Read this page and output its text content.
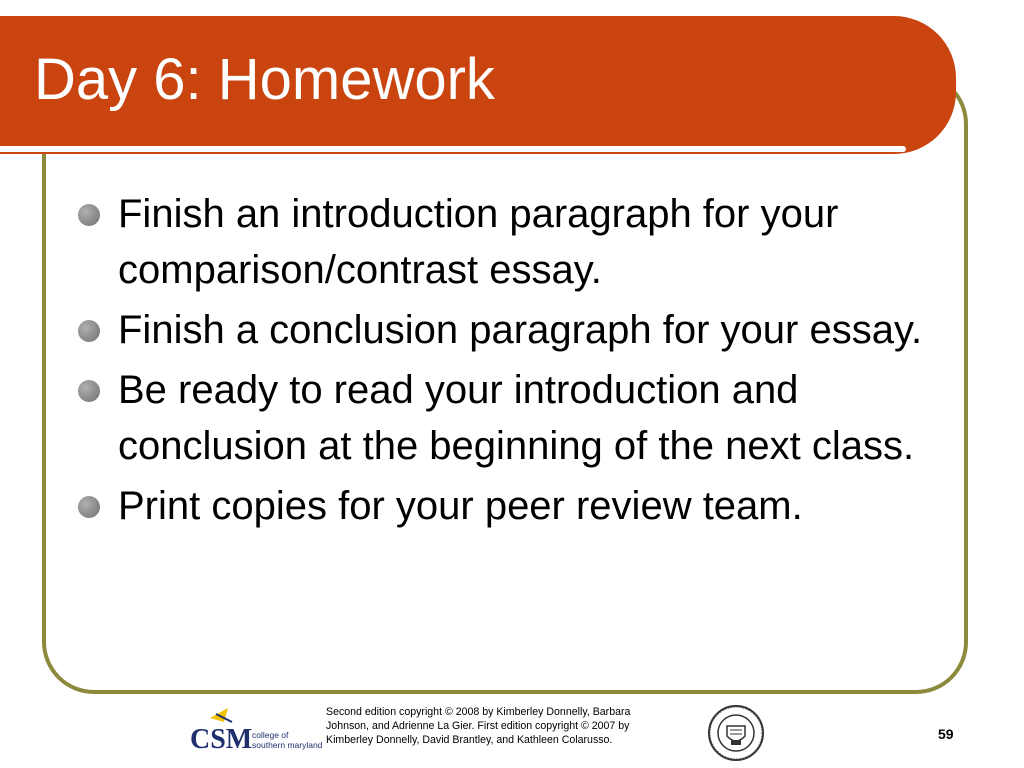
Day 6: Homework
Finish an introduction paragraph for your comparison/contrast essay.
Finish a conclusion paragraph for your essay.
Be ready to read your introduction and conclusion at the beginning of the next class.
Print copies for your peer review team.
CSM college of
southern maryland

Second edition copyright © 2008 by Kimberley Donnelly, Barbara Johnson, and Adrienne La Gier. First edition copyright © 2007 by Kimberley Donnelly, David Brantley, and Kathleen Colarusso.	59
